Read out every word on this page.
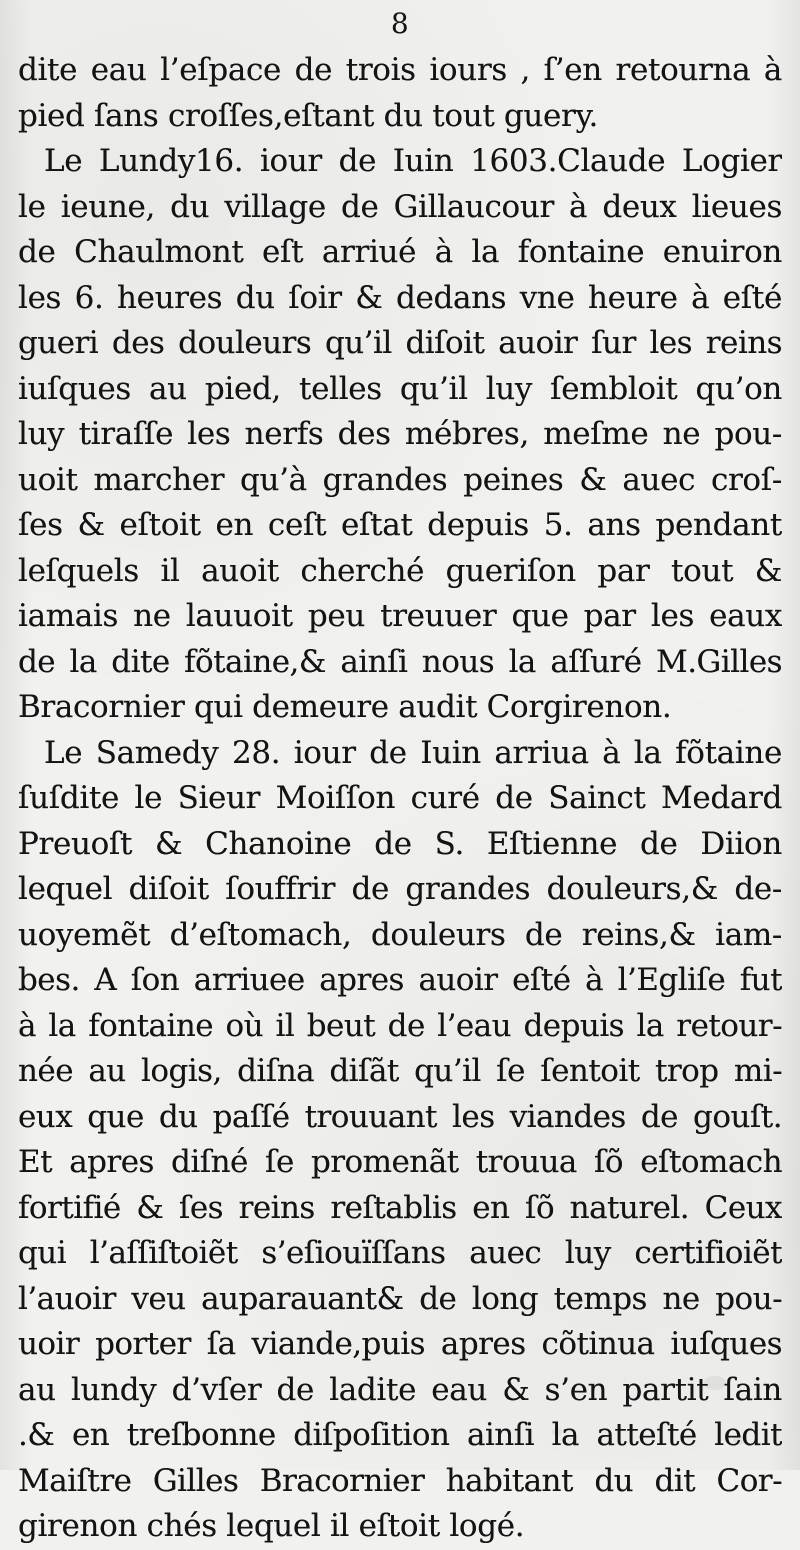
8
dite eau l’eſpace de trois iours , ſ’en retourna à
pied ſans croſſes,eſtant du tout guery.
Le Lundy16. iour de Iuin 1603.Claude Logier
le ieune, du village de Gillaucour à deux lieues
de Chaulmont eſt arriué à la fontaine enuiron
les 6. heures du ſoir & dedans vne heure à eſté
gueri des douleurs qu’il diſoit auoir ſur les reins
iuſques au pied, telles qu’il luy ſembloit qu’on
luy tiraſſe les nerfs des mébres, meſme ne pou-
uoit marcher qu’à grandes peines & auec croſ-
ſes & eſtoit en ceſt eſtat depuis 5. ans pendant
leſquels il auoit cherché gueriſon par tout &
iamais ne lauuoit peu treuuer que par les eaux
de la dite fõtaine,& ainſi nous la aſſuré M.Gilles
Bracornier qui demeure audit Corgirenon.
Le Samedy 28. iour de Iuin arriua à la fõtaine
ſuſdite le Sieur Moiſſon curé de Sainct Medard
Preuoſt & Chanoine de S. Eſtienne de Diion
lequel diſoit ſouffrir de grandes douleurs,& de-
uoyemẽt d’eſtomach, douleurs de reins,& iam-
bes. A ſon arriuee apres auoir eſté à l’Egliſe fut
à la fontaine où il beut de l’eau depuis la retour-
née au logis, diſna diſãt qu’il ſe ſentoit trop mi-
eux que du paſſé trouuant les viandes de gouſt.
Et apres diſné ſe promenãt trouua ſõ eſtomach
fortifié & ſes reins reſtablis en ſõ naturel. Ceux
qui l’aſſiſtoiẽt s’eſiouïſſans auec luy certifioiẽt
l’auoir veu auparauant& de long temps ne pou-
uoir porter ſa viande,puis apres cõtinua iuſques
au lundy d’vſer de ladite eau & s’en partit ſain
.& en treſbonne diſpoſition ainſi la atteſté ledit
Maiſtre Gilles Bracornier habitant du dit Cor-
girenon chés lequel il eſtoit logé.
